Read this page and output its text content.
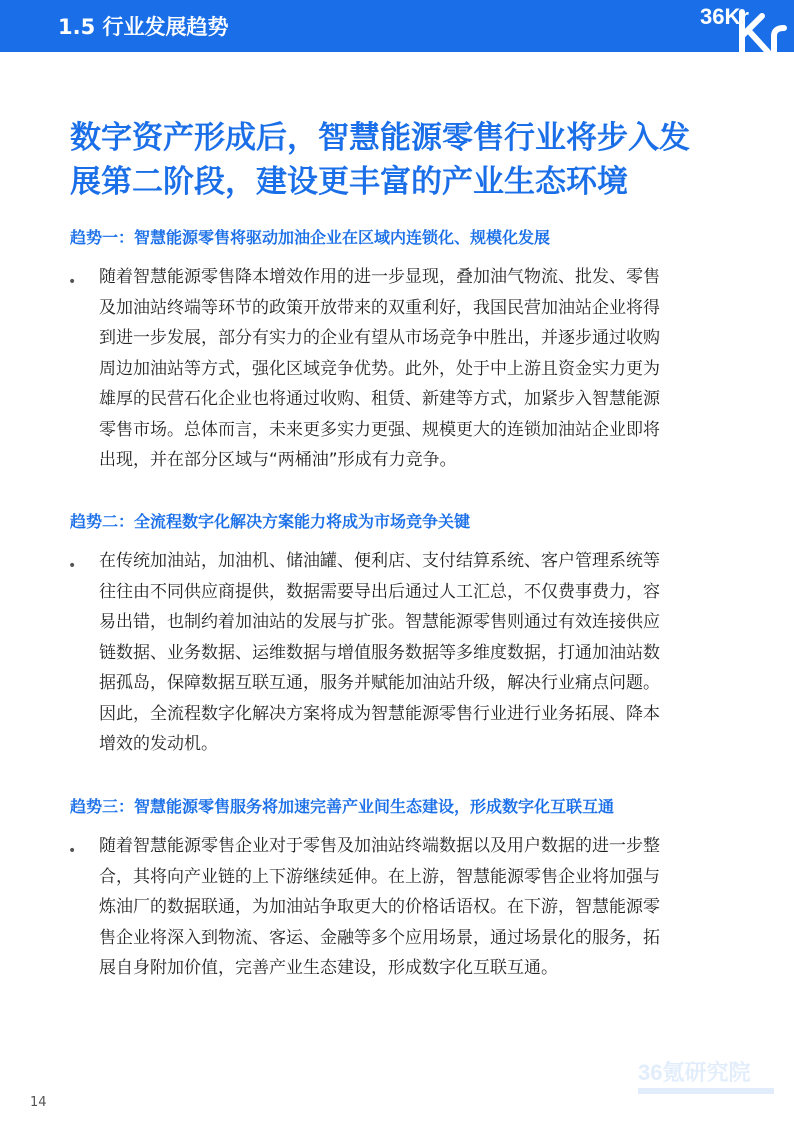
1.5 行业发展趋势	36Kr
数字资产形成后，智慧能源零售行业将步入发
展第二阶段，建设更丰富的产业生态环境
趋势一：智慧能源零售将驱动加油企业在区域内连锁化、规模化发展
• 随着智慧能源零售降本增效作用的进一步显现，叠加油气物流、批发、零售
及加油站终端等环节的政策开放带来的双重利好，我国民营加油站企业将得
到进一步发展，部分有实力的企业有望从市场竞争中胜出，并逐步通过收购
周边加油站等方式，强化区域竞争优势。此外，处于中上游且资金实力更为
雄厚的民营石化企业也将通过收购、租赁、新建等方式，加紧步入智慧能源
零售市场。总体而言，未来更多实力更强、规模更大的连锁加油站企业即将
出现，并在部分区域与“两桶油”形成有力竞争。
趋势二：全流程数字化解决方案能力将成为市场竞争关键
• 在传统加油站，加油机、储油罐、便利店、支付结算系统、客户管理系统等
往往由不同供应商提供，数据需要导出后通过人工汇总，不仅费事费力，容
易出错，也制约着加油站的发展与扩张。智慧能源零售则通过有效连接供应
链数据、业务数据、运维数据与增值服务数据等多维度数据，打通加油站数
据孤岛，保障数据互联互通，服务并赋能加油站升级，解决行业痛点问题。
因此，全流程数字化解决方案将成为智慧能源零售行业进行业务拓展、降本
增效的发动机。
趋势三：智慧能源零售服务将加速完善产业间生态建设，形成数字化互联互通
• 随着智慧能源零售企业对于零售及加油站终端数据以及用户数据的进一步整
合，其将向产业链的上下游继续延伸。在上游，智慧能源零售企业将加强与
炼油厂的数据联通，为加油站争取更大的价格话语权。在下游，智慧能源零
售企业将深入到物流、客运、金融等多个应用场景，通过场景化的服务，拓
展自身附加价值，完善产业生态建设，形成数字化互联互通。
36氪研究院
14
